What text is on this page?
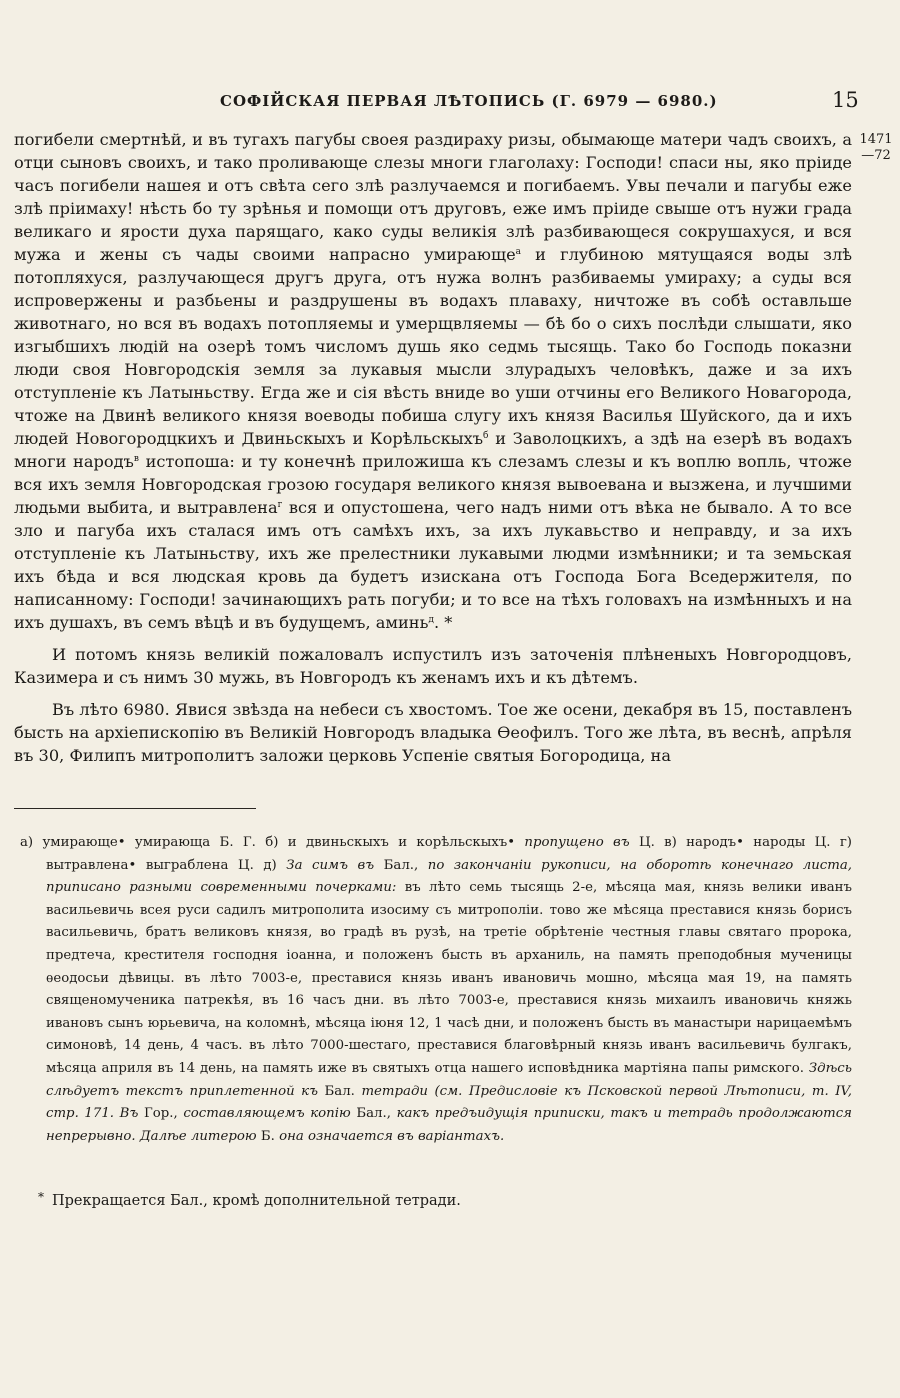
СОФІЙСКАЯ ПЕРВАЯ ЛѢТОПИСЬ (Г. 6979 — 6980.)	15
1471
—72

погибели смертнѣй, и въ тугахъ пагубы своея раздираху ризы, обымающе матери чадъ своихъ, а отци сыновъ своихъ, и тако проливающе слезы многи глаголаху: Господи! спаси ны, яко пріиде часъ погибели нашея и отъ свѣта сего злѣ разлучаемся и погибаемъ. Увы печали и пагубы еже злѣ пріимаху! нѣсть бо ту зрѣнья и помощи отъ друговъ, еже имъ пріиде свыше отъ нужи града великаго и ярости духа парящаго, како суды великія злѣ разбивающеся сокрушахуся, и вся мужа и жены съ чады своими напрасно умирающе$^а$ и глубиною мятущаяся воды злѣ потопляхуся, разлучающеся другъ друга, отъ нужа волнъ разбиваемы умираху; а суды вся испровержены и разбьены и раздрушены въ водахъ плаваху, ничтоже въ собѣ оставльше животнаго, но вся въ водахъ потопляемы и умерщвляемы — бѣ бо о сихъ послѣди слышати, яко изгыбшихъ людій на озерѣ томъ числомъ душь яко седмь тысящь. Тако бо Господь показни люди своя Новгородскія земля за лукавыя мысли злурадыхъ человѣкъ, даже и за ихъ отступленіе къ Латыньству. Егда же и сія вѣсть вниде во уши отчины его Великого Новагорода, чтоже на Двинѣ великого князя воеводы побиша слугу ихъ князя Василья Шуйского, да и ихъ людей Новогородцкихъ и Двиньскыхъ и Корѣльскыхъ$^б$ и Заволоцкихъ, а здѣ на езерѣ въ водахъ многи народъ$^в$ истопоша: и ту конечнѣ приложиша къ слезамъ слезы и къ воплю вопль, чтоже вся ихъ земля Новгородская грозою государя великого князя вывоевана и вызжена, и лучшими людьми выбита, и вытравлена$^г$ вся и опустошена, чего надъ ними отъ вѣка не бывало. А то все зло и пагуба ихъ сталася имъ отъ самѣхъ ихъ, за ихъ лукавьство и неправду, и за ихъ отступленіе къ Латыньству, ихъ же прелестники лукавыми людми измѣнники; и та земьская ихъ бѣда и вся людская кровь да будетъ изискана отъ Господа Бога Вседержителя, по написанному: Господи! зачинающихъ рать погуби; и то все на тѣхъ головахъ на измѣнныхъ и на ихъ душахъ, въ семъ вѣцѣ и въ будущемъ, аминь$^д$. *

И потомъ князь великій пожаловалъ испустилъ изъ заточенія плѣненыхъ Новгородцовъ, Казимера и съ нимъ 30 мужь, въ Новгородъ къ женамъ ихъ и къ дѣтемъ.

Въ лѣто 6980. Явися звѣзда на небеси съ хвостомъ. Тое же осени, декабря въ 15, поставленъ бысть на архіепископію въ Великій Новгородъ владыка Ѳеофилъ. Того же лѣта, въ веснѣ, апрѣля въ 30, Филипъ митрополитъ заложи церковь Успеніе святыя Богородица, на

а) умирающе• умирающа Б. Г. б) и двиньскыхъ и корѣльскыхъ• пропущено въ Ц. в) народъ• народы Ц. г) вытравлена• выграблена Ц. д) За симъ въ Бал., по закончаніи рукописи, на оборотѣ конечнаго листа, приписано разными современными почерками: въ лѣто семь тысящь 2-е, мѣсяца мая, князь велики иванъ васильевичь всея руси садилъ митрополита изосиму съ митрополіи. тово же мѣсяца преставися князь борисъ васильевичь, братъ великовъ князя, во градѣ въ рузѣ, на третіе обрѣтеніе честныя главы святаго пророка, предтеча, крестителя господня іоанна, и положенъ бысть въ арханиль, на память преподобныя мученицы ѳеодосьи дѣвицы. въ лѣто 7003-е, преставися князь иванъ ивановичь мошно, мѣсяца мая 19, на память священомученика патрекѣя, въ 16 часъ дни. въ лѣто 7003-е, преставися князь михаилъ ивановичь княжь ивановъ сынъ юрьевича, на коломнѣ, мѣсяца іюня 12, 1 часѣ дни, и положенъ бысть въ манастыри нарицаемѣмъ симоновѣ, 14 день, 4 часъ. въ лѣто 7000-шестаго, преставися благовѣрный князь иванъ васильевичь булгакъ, мѣсяца априля въ 14 день, на память иже въ святыхъ отца нашего исповѣдника мартіяна папы римского. Здѣсь слѣдуетъ текстъ приплетенной къ Бал. тетради (см. Предисловіе къ Псковской первой Лѣтописи, т. IV, стр. 171. Въ Гор., составляющемъ копію Бал., какъ предъидущія приписки, такъ и тетрадь продолжаются непрерывно. Далѣе литерою Б. она означается въ варіантахъ.

* Прекращается Бал., кромѣ дополнительной тетради.
